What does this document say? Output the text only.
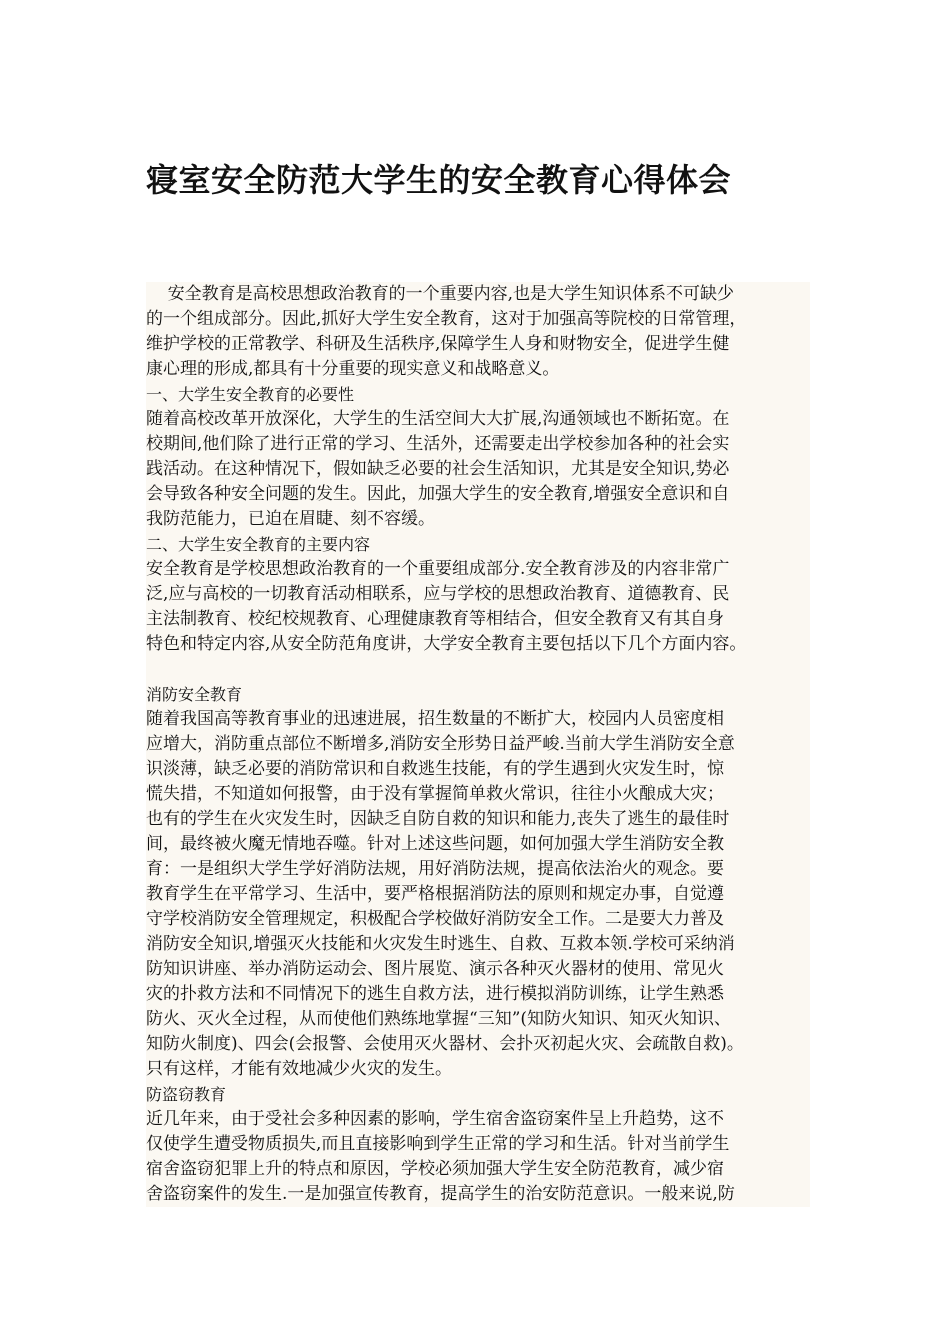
寝室安全防范大学生的安全教育心得体会

安全教育是高校思想政治教育的一个重要内容,也是大学生知识体系不可缺少

的一个组成部分。因此,抓好大学生安全教育，这对于加强高等院校的日常管理，

维护学校的正常教学、科研及生活秩序,保障学生人身和财物安全，促进学生健

康心理的形成,都具有十分重要的现实意义和战略意义。

一、大学生安全教育的必要性

随着高校改革开放深化，大学生的生活空间大大扩展,沟通领域也不断拓宽。在

校期间,他们除了进行正常的学习、生活外，还需要走出学校参加各种的社会实

践活动。在这种情况下，假如缺乏必要的社会生活知识，尤其是安全知识,势必

会导致各种安全问题的发生。因此，加强大学生的安全教育,增强安全意识和自

我防范能力，已迫在眉睫、刻不容缓。

二、大学生安全教育的主要内容

安全教育是学校思想政治教育的一个重要组成部分.安全教育涉及的内容非常广

泛,应与高校的一切教育活动相联系，应与学校的思想政治教育、道德教育、民

主法制教育、校纪校规教育、心理健康教育等相结合，但安全教育又有其自身

特色和特定内容,从安全防范角度讲，大学安全教育主要包括以下几个方面内容。

消防安全教育

随着我国高等教育事业的迅速进展，招生数量的不断扩大，校园内人员密度相

应增大，消防重点部位不断增多,消防安全形势日益严峻.当前大学生消防安全意

识淡薄，缺乏必要的消防常识和自救逃生技能，有的学生遇到火灾发生时，惊

慌失措，不知道如何报警，由于没有掌握简单救火常识，往往小火酿成大灾；

也有的学生在火灾发生时，因缺乏自防自救的知识和能力,丧失了逃生的最佳时

间，最终被火魔无情地吞噬。针对上述这些问题，如何加强大学生消防安全教

育：一是组织大学生学好消防法规，用好消防法规，提高依法治火的观念。要

教育学生在平常学习、生活中，要严格根据消防法的原则和规定办事，自觉遵

守学校消防安全管理规定，积极配合学校做好消防安全工作。二是要大力普及

消防安全知识,增强灭火技能和火灾发生时逃生、自救、互救本领.学校可采纳消

防知识讲座、举办消防运动会、图片展览、演示各种灭火器材的使用、常见火

灾的扑救方法和不同情况下的逃生自救方法，进行模拟消防训练，让学生熟悉

防火、灭火全过程，从而使他们熟练地掌握“三知”(知防火知识、知灭火知识、

知防火制度)、四会(会报警、会使用灭火器材、会扑灭初起火灾、会疏散自救)。

只有这样，才能有效地减少火灾的发生。

防盗窃教育

近几年来，由于受社会多种因素的影响，学生宿舍盗窃案件呈上升趋势，这不

仅使学生遭受物质损失,而且直接影响到学生正常的学习和生活。针对当前学生

宿舍盗窃犯罪上升的特点和原因，学校必须加强大学生安全防范教育，减少宿

舍盗窃案件的发生.一是加强宣传教育，提高学生的治安防范意识。一般来说,防
